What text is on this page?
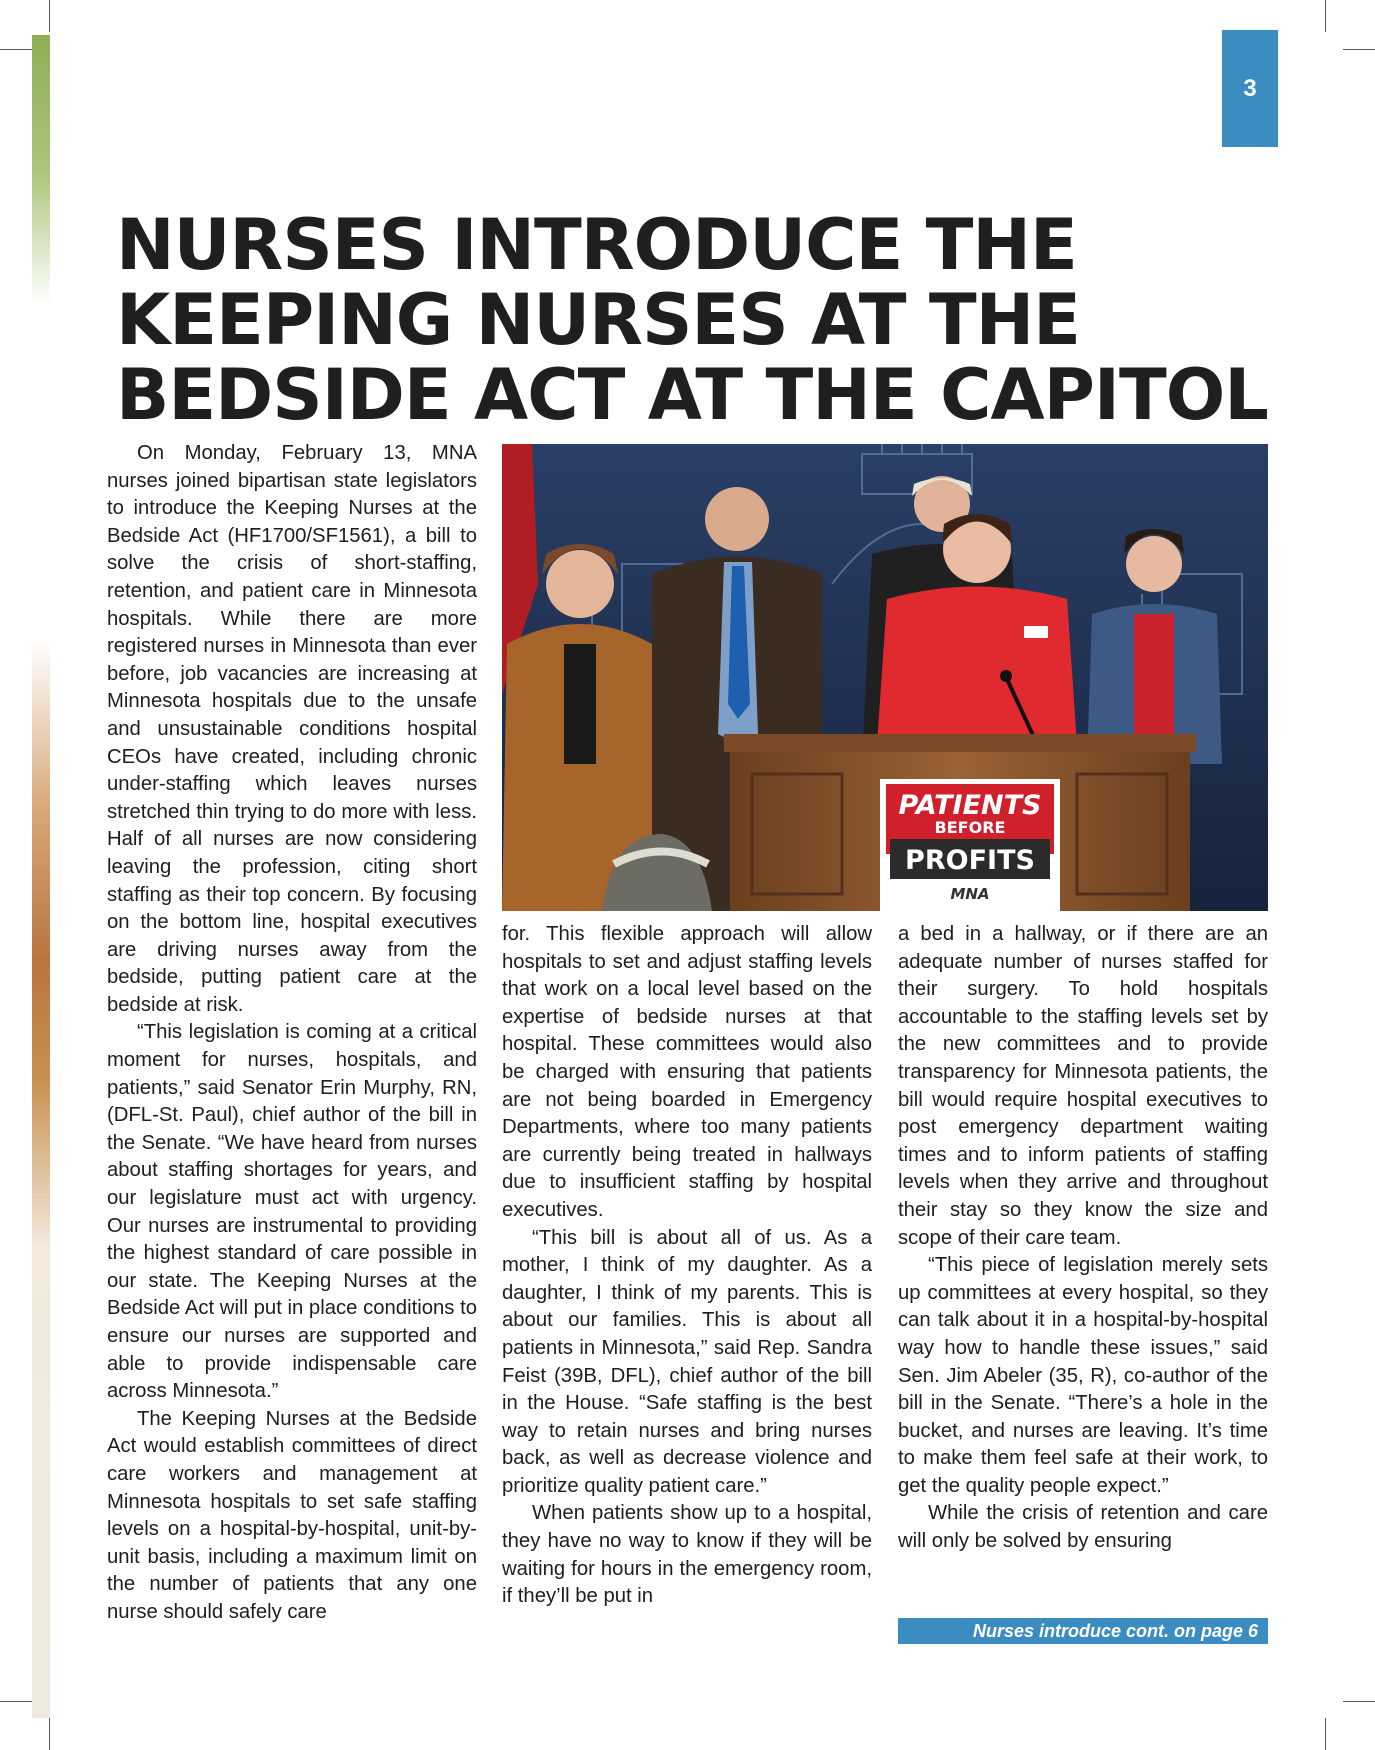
3
NURSES INTRODUCE THE
KEEPING NURSES AT THE
BEDSIDE ACT AT THE CAPITOL

On Monday, February 13, MNA nurses joined bipartisan state legislators to introduce the Keeping Nurses at the Bedside Act (HF1700/SF1561), a bill to solve the crisis of short-staffing, retention, and patient care in Minnesota hospitals. While there are more registered nurses in Minnesota than ever before, job vacancies are increasing at Minnesota hospitals due to the unsafe and unsustainable conditions hospital CEOs have created, including chronic under-staffing which leaves nurses stretched thin trying to do more with less. Half of all nurses are now considering leaving the profession, citing short staffing as their top concern. By focusing on the bottom line, hospital executives are driving nurses away from the bedside, putting patient care at the bedside at risk.

“This legislation is coming at a critical moment for nurses, hospitals, and patients,” said Senator Erin Murphy, RN, (DFL-St. Paul), chief author of the bill in the Senate. “We have heard from nurses about staffing shortages for years, and our legislature must act with urgency. Our nurses are instrumental to providing the highest standard of care possible in our state. The Keeping Nurses at the Bedside Act will put in place conditions to ensure our nurses are supported and able to provide indispensable care across Minnesota.”

The Keeping Nurses at the Bedside Act would establish committees of direct care workers and management at Minnesota hospitals to set safe staffing levels on a hospital-by-hospital, unit-by-unit basis, including a maximum limit on the number of patients that any one nurse should safely care

PATIENTS
BEFORE
PROFITS
MNA

for. This flexible approach will allow hospitals to set and adjust staffing levels that work on a local level based on the expertise of bedside nurses at that hospital. These committees would also be charged with ensuring that patients are not being boarded in Emergency Departments, where too many patients are currently being treated in hallways due to insufficient staffing by hospital executives.

“This bill is about all of us. As a mother, I think of my daughter. As a daughter, I think of my parents. This is about our families. This is about all patients in Minnesota,” said Rep. Sandra Feist (39B, DFL), chief author of the bill in the House. “Safe staffing is the best way to retain nurses and bring nurses back, as well as decrease violence and prioritize quality patient care.”

When patients show up to a hospital, they have no way to know if they will be waiting for hours in the emergency room, if they’ll be put in

a bed in a hallway, or if there are an adequate number of nurses staffed for their surgery. To hold hospitals accountable to the staffing levels set by the new committees and to provide transparency for Minnesota patients, the bill would require hospital executives to post emergency department waiting times and to inform patients of staffing levels when they arrive and throughout their stay so they know the size and scope of their care team.

“This piece of legislation merely sets up committees at every hospital, so they can talk about it in a hospital-by-hospital way how to handle these issues,” said Sen. Jim Abeler (35, R), co-author of the bill in the Senate. “There’s a hole in the bucket, and nurses are leaving. It’s time to make them feel safe at their work, to get the quality people expect.”

While the crisis of retention and care will only be solved by ensuring

Nurses introduce cont. on page 6
